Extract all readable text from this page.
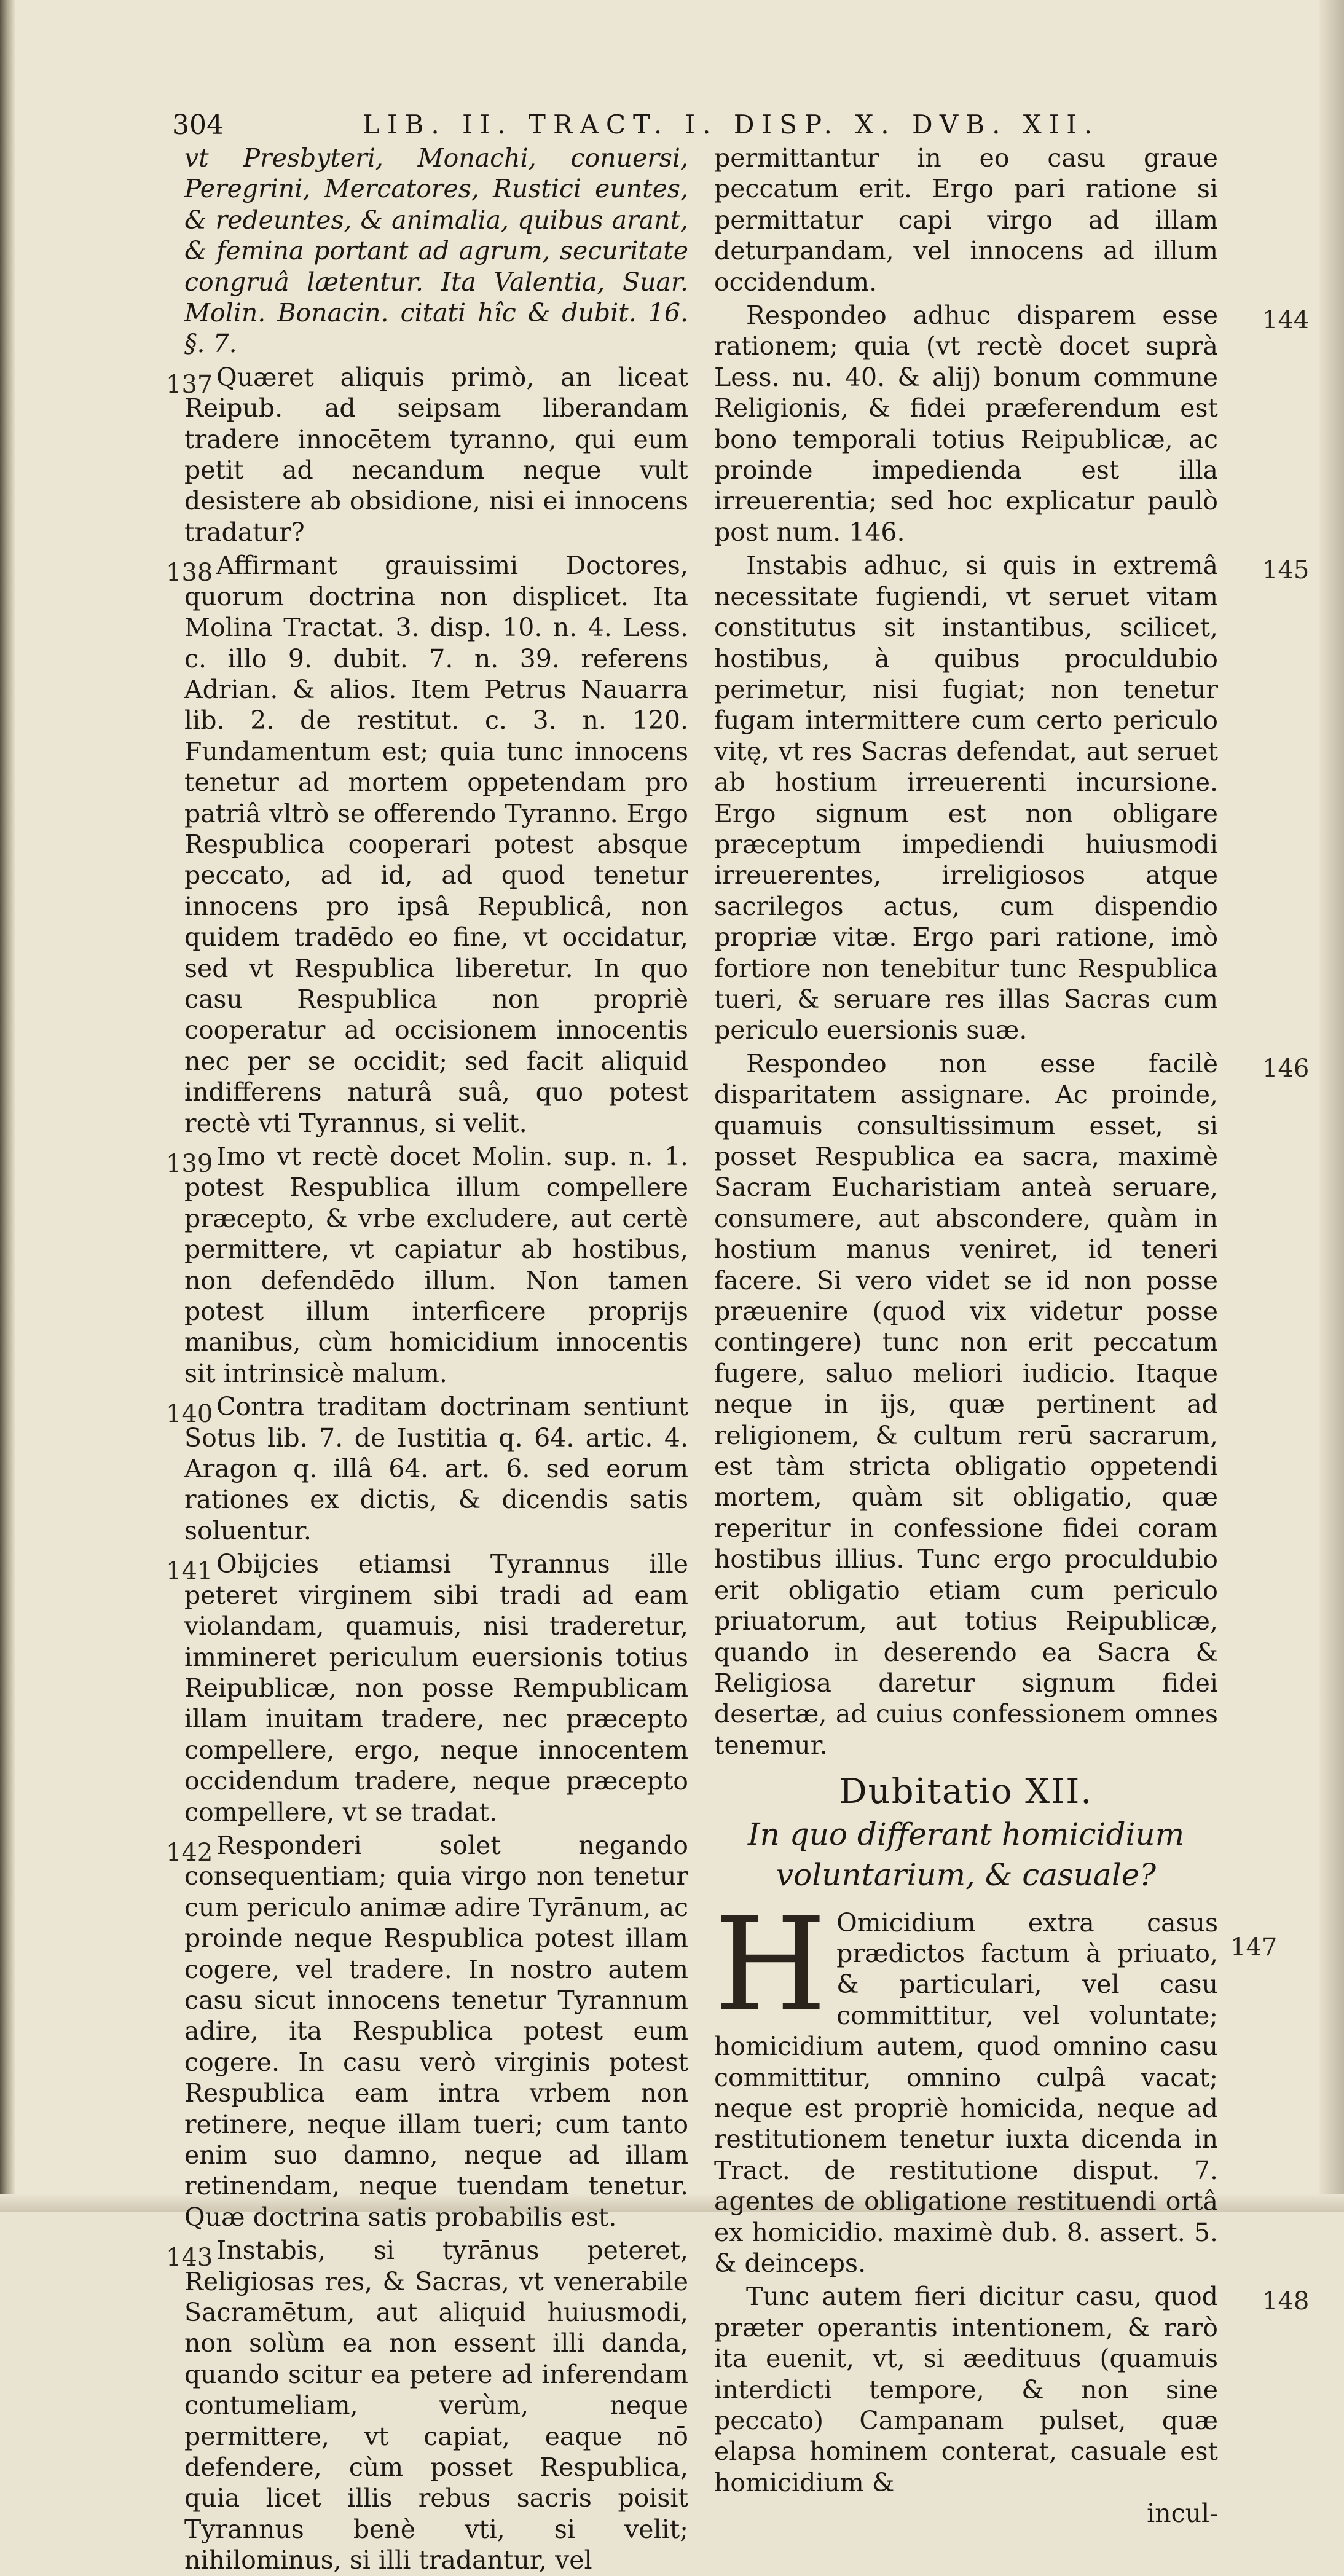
304	LIB. II. TRACT. I. DISP. X. DVB. XII.

vt Presbyteri, Monachi, conuersi, Peregrini, Mercatores, Rustici euntes, & redeuntes, & animalia, quibus arant, & femina portant ad agrum, securitate congruâ lætentur. Ita Valentia, Suar. Molin. Bonacin. citati hîc & dubit. 16. §. 7.

137 Quæret aliquis primò, an liceat Reipub. ad seipsam liberandam tradere innocētem tyranno, qui eum petit ad necandum neque vult desistere ab obsidione, nisi ei innocens tradatur?

138 Affirmant grauissimi Doctores, quorum doctrina non displicet. Ita Molina Tractat. 3. disp. 10. n. 4. Less. c. illo 9. dubit. 7. n. 39. referens Adrian. & alios. Item Petrus Nauarra lib. 2. de restitut. c. 3. n. 120. Fundamentum est; quia tunc innocens tenetur ad mortem oppetendam pro patriâ vltrò se offerendo Tyranno. Ergo Respublica cooperari potest absque peccato, ad id, ad quod tenetur innocens pro ipsâ Republicâ, non quidem tradēdo eo fine, vt occidatur, sed vt Respublica liberetur. In quo casu Respublica non propriè cooperatur ad occisionem innocentis nec per se occidit; sed facit aliquid indifferens naturâ suâ, quo potest rectè vti Tyrannus, si velit.

139 Imo vt rectè docet Molin. sup. n. 1. potest Respublica illum compellere præcepto, & vrbe excludere, aut certè permittere, vt capiatur ab hostibus, non defendēdo illum. Non tamen potest illum interficere proprijs manibus, cùm homicidium innocentis sit intrinsicè malum.

140 Contra traditam doctrinam sentiunt Sotus lib. 7. de Iustitia q. 64. artic. 4. Aragon q. illâ 64. art. 6. sed eorum rationes ex dictis, & dicendis satis soluentur.

141 Obijcies etiamsi Tyrannus ille peteret virginem sibi tradi ad eam violandam, quamuis, nisi traderetur, immineret periculum euersionis totius Reipublicæ, non posse Rempublicam illam inuitam tradere, nec præcepto compellere, ergo, neque innocentem occidendum tradere, neque præcepto compellere, vt se tradat.

142 Responderi solet negando consequentiam; quia virgo non tenetur cum periculo animæ adire Tyrānum, ac proinde neque Respublica potest illam cogere, vel tradere. In nostro autem casu sicut innocens tenetur Tyrannum adire, ita Respublica potest eum cogere. In casu verò virginis potest Respublica eam intra vrbem non retinere, neque illam tueri; cum tanto enim suo damno, neque ad illam retinendam, neque tuendam tenetur. Quæ doctrina satis probabilis est.

143 Instabis, si tyrānus peteret, Religiosas res, & Sacras, vt venerabile Sacramētum, aut aliquid huiusmodi, non solùm ea non essent illi danda, quando scitur ea petere ad inferendam contumeliam, verùm, neque permittere, vt capiat, eaque nō defendere, cùm posset Respublica, quia licet illis rebus sacris poisit Tyrannus benè vti, si velit; nihilominus, si illi tradantur, vel

permittantur in eo casu graue peccatum erit. Ergo pari ratione si permittatur capi virgo ad illam deturpandam, vel innocens ad illum occidendum.

144
Respondeo adhuc disparem esse rationem; quia (vt rectè docet suprà Less. nu. 40. & alij) bonum commune Religionis, & fidei præferendum est bono temporali totius Reipublicæ, ac proinde impedienda est illa irreuerentia; sed hoc explicatur paulò post num. 146.

145
Instabis adhuc, si quis in extremâ necessitate fugiendi, vt seruet vitam constitutus sit instantibus, scilicet, hostibus, à quibus proculdubio perimetur, nisi fugiat; non tenetur fugam intermittere cum certo periculo vitę, vt res Sacras defendat, aut seruet ab hostium irreuerenti incursione. Ergo signum est non obligare præceptum impediendi huiusmodi irreuerentes, irreligiosos atque sacrilegos actus, cum dispendio propriæ vitæ. Ergo pari ratione, imò fortiore non tenebitur tunc Respublica tueri, & seruare res illas Sacras cum periculo euersionis suæ.

146
Respondeo non esse facilè disparitatem assignare. Ac proinde, quamuis consultissimum esset, si posset Respublica ea sacra, maximè Sacram Eucharistiam anteà seruare, consumere, aut abscondere, quàm in hostium manus veniret, id teneri facere. Si vero videt se id non posse præuenire (quod vix videtur posse contingere) tunc non erit peccatum fugere, saluo meliori iudicio. Itaque neque in ijs, quæ pertinent ad religionem, & cultum rerū sacrarum, est tàm stricta obligatio oppetendi mortem, quàm sit obligatio, quæ reperitur in confessione fidei coram hostibus illius. Tunc ergo proculdubio erit obligatio etiam cum periculo priuatorum, aut totius Reipublicæ, quando in deserendo ea Sacra & Religiosa daretur signum fidei desertæ, ad cuius confessionem omnes tenemur.

Dubitatio XII.
In quo differant homicidium voluntarium, & casuale?

147
H Omicidium extra casus prædictos factum à priuato, & particulari, vel casu committitur, vel voluntate; homicidium autem, quod omnino casu committitur, omnino culpâ vacat; neque est propriè homicida, neque ad restitutionem tenetur iuxta dicenda in Tract. de restitutione disput. 7. agentes de obligatione restituendi ortâ ex homicidio. maximè dub. 8. assert. 5. & deinceps.

148
Tunc autem fieri dicitur casu, quod præter operantis intentionem, & rarò ita euenit, vt, si æedituus (quamuis interdicti tempore, & non sine peccato) Campanam pulset, quæ elapsa hominem conterat, casuale est homicidium &

incul-
